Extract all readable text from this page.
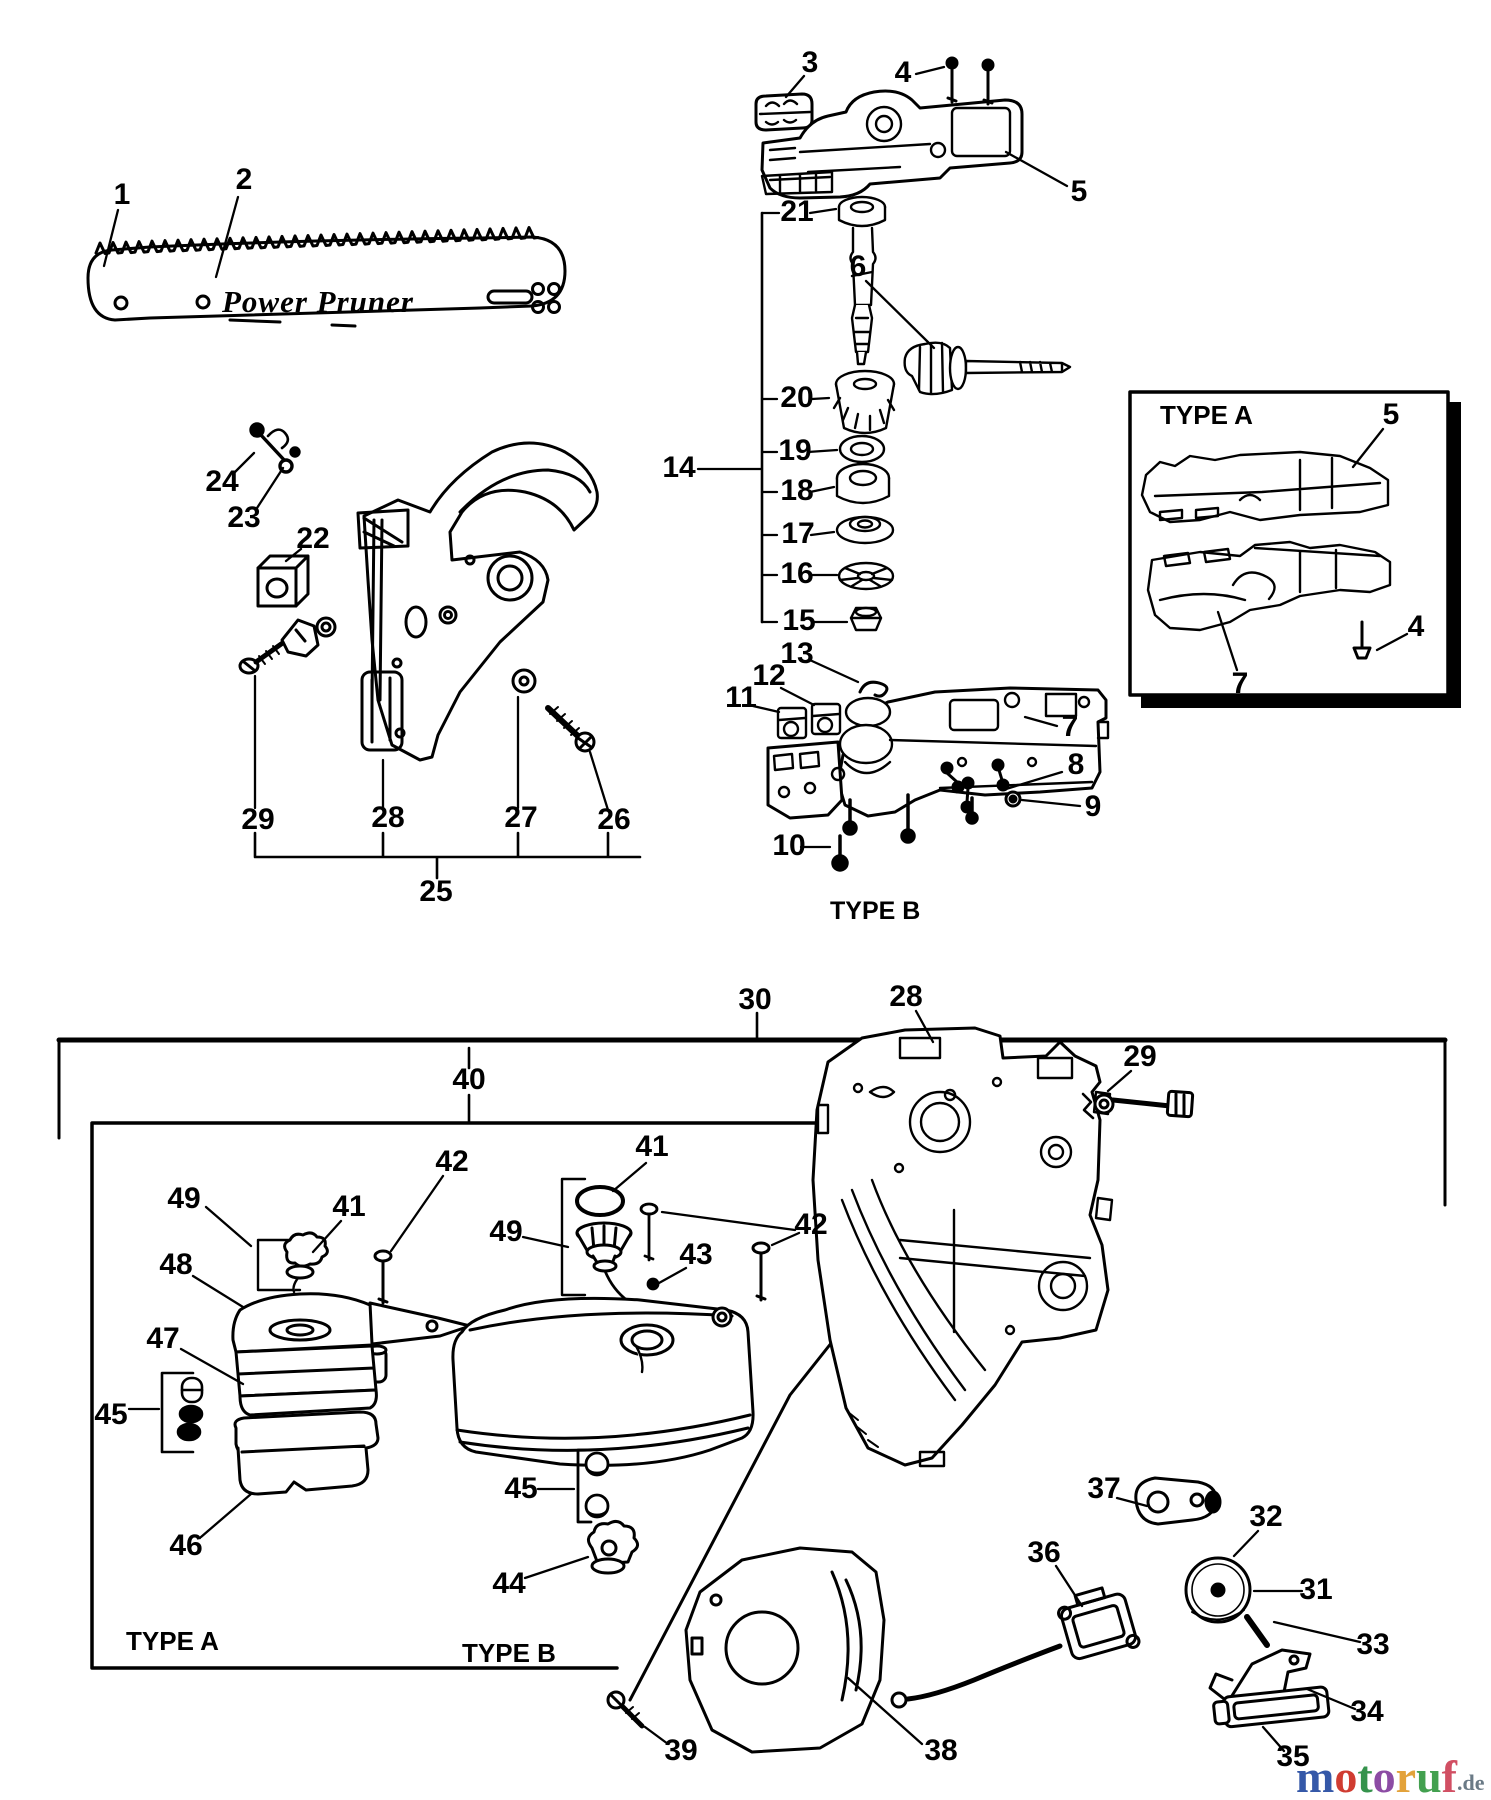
Power Pruner
TYPE A
TYPE B
TYPE A	TYPE B
1	2
3	4
5
6
21
20
19
18
17
16
15
14
5
7
4
13
12
11
7
8
9
10
24
23
22
29	28	27 26
25
30
40
49	41
42
48
47
45
46
41
49
43
42
45
44
28
29
37
32
36
31
33
34
35
38
39
motoruf.de
